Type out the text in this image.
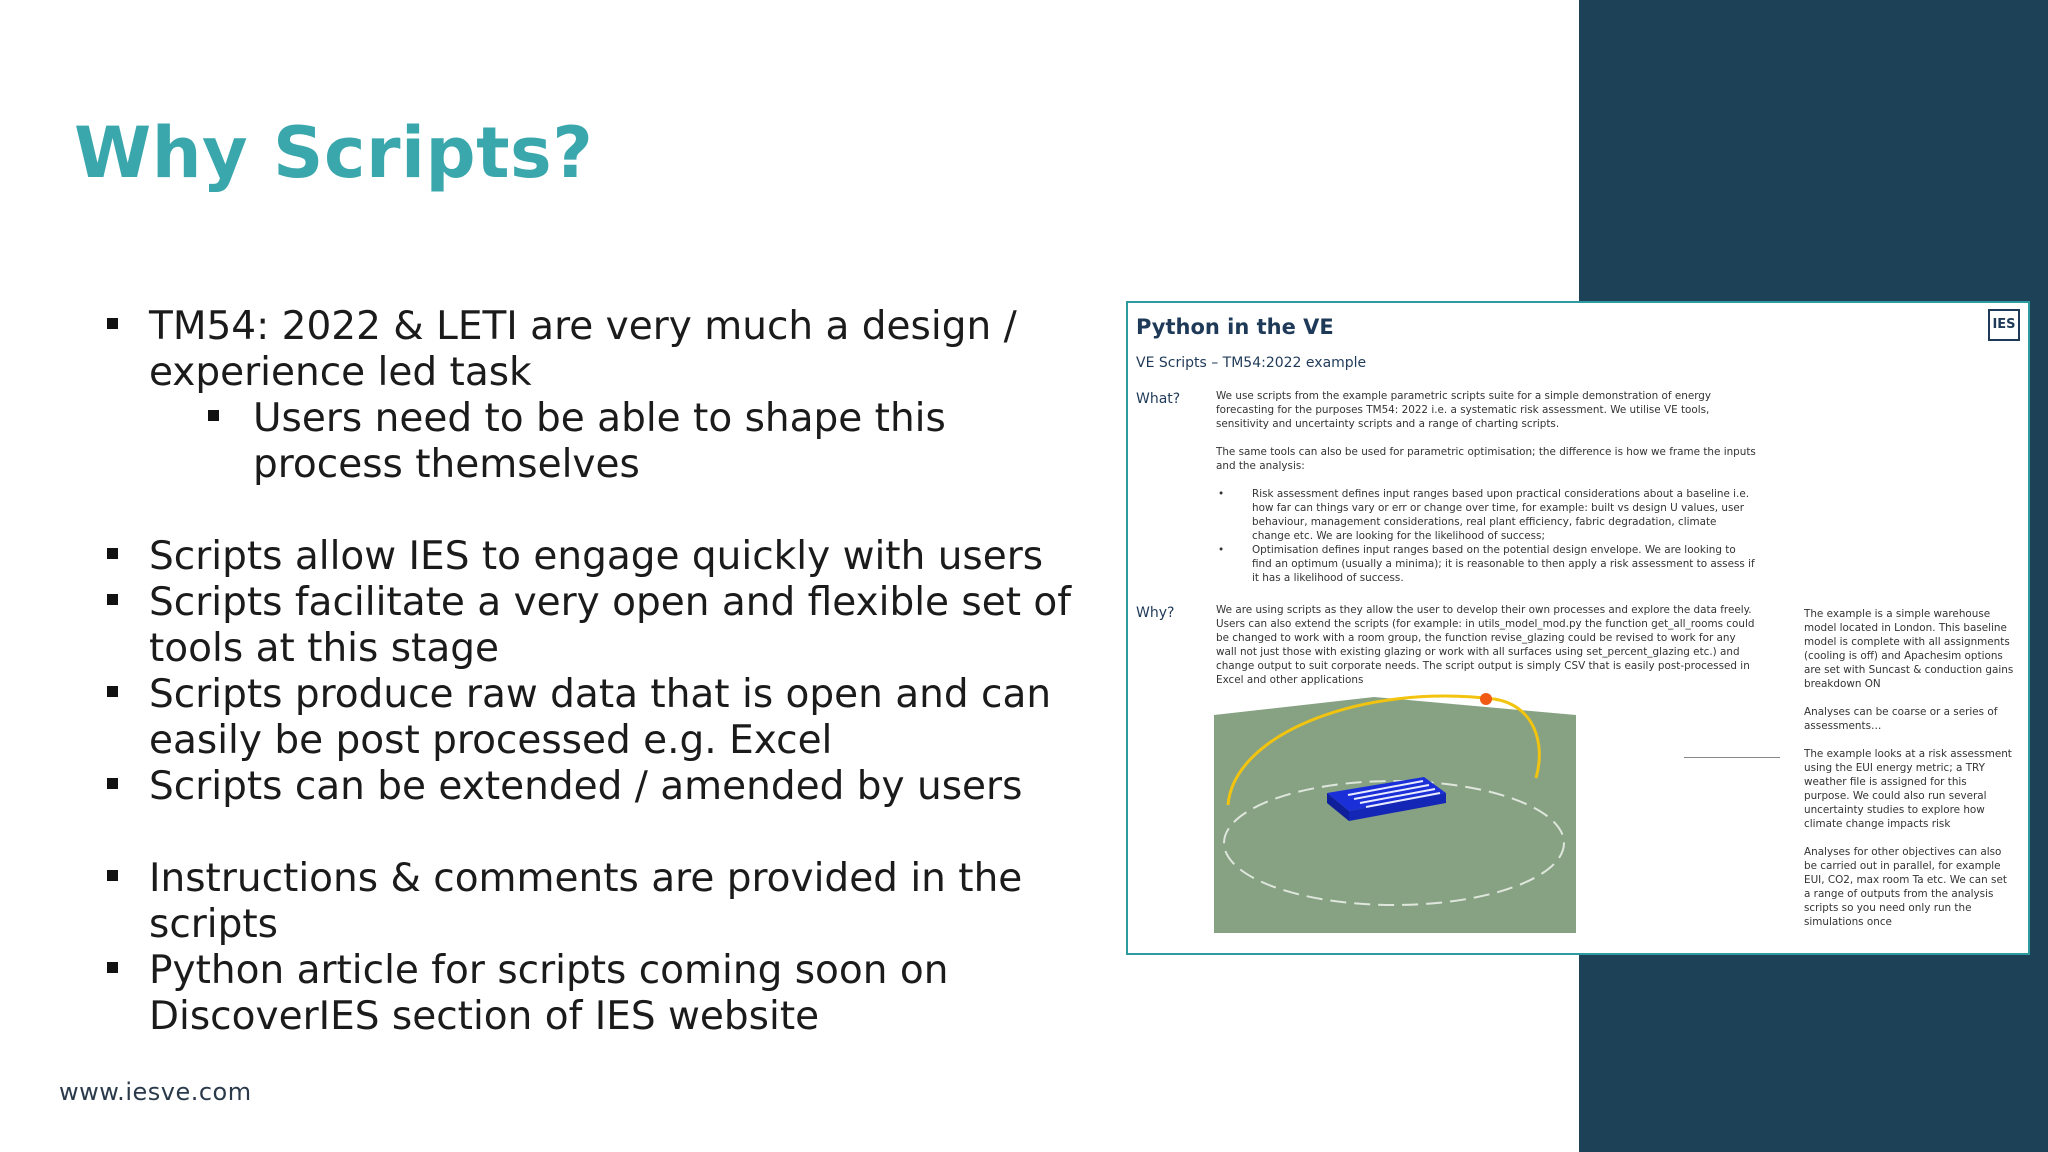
Why Scripts?
TM54: 2022 & LETI are very much a design / experience led task
Users need to be able to shape this process themselves
Scripts allow IES to engage quickly with users
Scripts facilitate a very open and flexible set of tools at this stage
Scripts produce raw data that is open and can easily be post processed e.g. Excel
Scripts can be extended / amended by users
Instructions & comments are provided in the scripts
Python article for scripts coming soon on DiscoverIES section of IES website
www.iesve.com
Python in the VE	IES
VE Scripts – TM54:2022 example
What?	We use scripts from the example parametric scripts suite for a simple demonstration of energy forecasting for the purposes TM54: 2022 i.e. a systematic risk assessment. We utilise VE tools, sensitivity and uncertainty scripts and a range of charting scripts.

The same tools can also be used for parametric optimisation; the difference is how we frame the inputs and the analysis:

•	Risk assessment defines input ranges based upon practical considerations about a baseline i.e. how far can things vary or err or change over time, for example: built vs design U values, user behaviour, management considerations, real plant efficiency, fabric degradation, climate change etc. We are looking for the likelihood of success;
•	Optimisation defines input ranges based on the potential design envelope. We are looking to find an optimum (usually a minima); it is reasonable to then apply a risk assessment to assess if it has a likelihood of success.
Why?	We are using scripts as they allow the user to develop their own processes and explore the data freely. Users can also extend the scripts (for example: in utils_model_mod.py the function get_all_rooms could be changed to work with a room group, the function revise_glazing could be revised to work for any wall not just those with existing glazing or work with all surfaces using set_percent_glazing etc.) and change output to suit corporate needs. The script output is simply CSV that is easily post-processed in Excel and other applications

The example is a simple warehouse model located in London. This baseline model is complete with all assignments (cooling is off) and Apachesim options are set with Suncast & conduction gains breakdown ON

Analyses can be coarse or a series of assessments…

The example looks at a risk assessment using the EUI energy metric; a TRY weather file is assigned for this purpose. We could also run several uncertainty studies to explore how climate change impacts risk

Analyses for other objectives can also be carried out in parallel, for example EUI, CO2, max room Ta etc. We can set a range of outputs from the analysis scripts so you need only run the simulations once
